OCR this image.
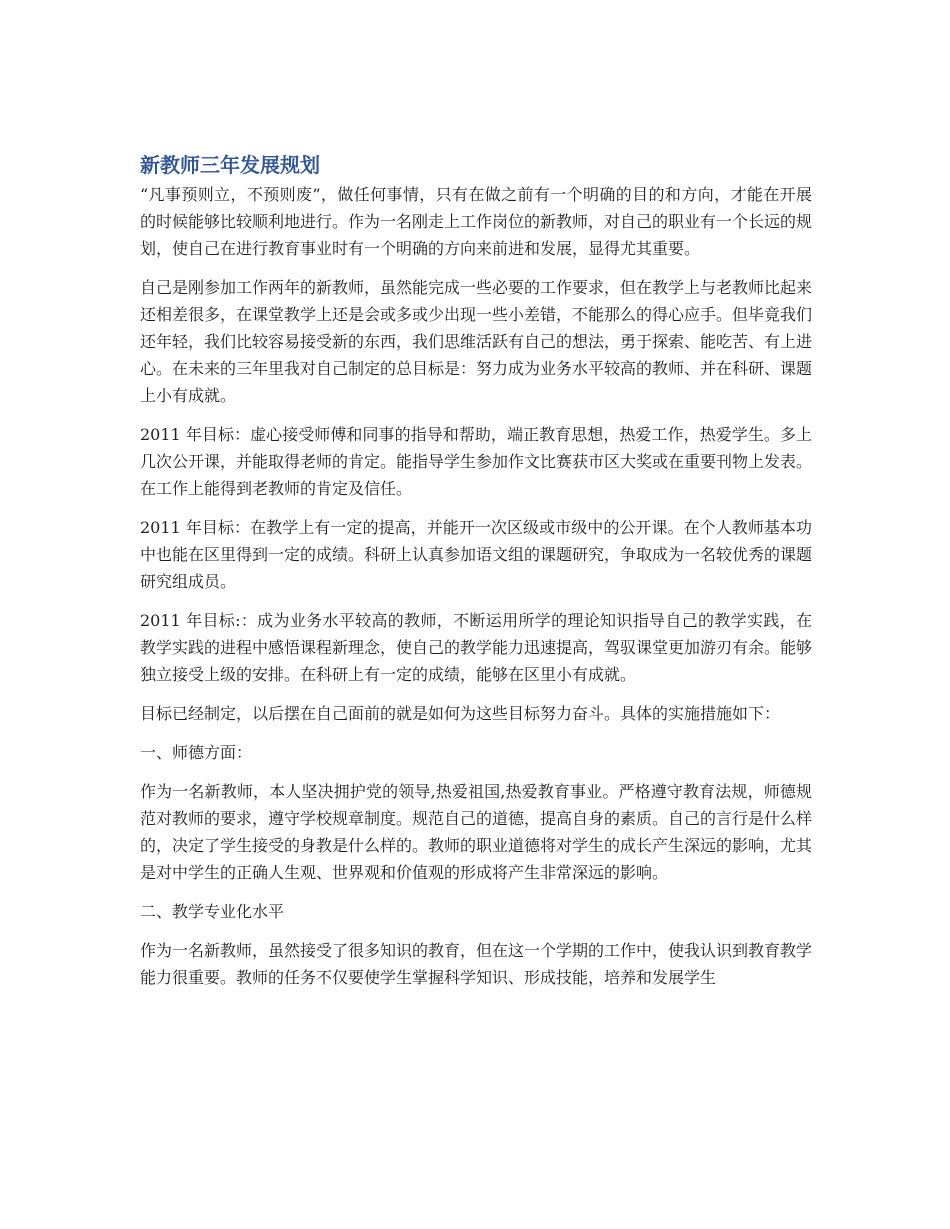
新教师三年发展规划

“凡事预则立，不预则废”，做任何事情，只有在做之前有一个明确的目的和方向，才能在开展的时候能够比较顺利地进行。作为一名刚走上工作岗位的新教师，对自己的职业有一个长远的规划，使自己在进行教育事业时有一个明确的方向来前进和发展，显得尤其重要。

自己是刚参加工作两年的新教师，虽然能完成一些必要的工作要求，但在教学上与老教师比起来还相差很多，在课堂教学上还是会或多或少出现一些小差错，不能那么的得心应手。但毕竟我们还年轻，我们比较容易接受新的东西，我们思维活跃有自己的想法，勇于探索、能吃苦、有上进心。在未来的三年里我对自己制定的总目标是：努力成为业务水平较高的教师、并在科研、课题上小有成就。

2011 年目标：虚心接受师傅和同事的指导和帮助，端正教育思想，热爱工作，热爱学生。多上几次公开课，并能取得老师的肯定。能指导学生参加作文比赛获市区大奖或在重要刊物上发表。在工作上能得到老教师的肯定及信任。

2011 年目标：在教学上有一定的提高，并能开一次区级或市级中的公开课。在个人教师基本功中也能在区里得到一定的成绩。科研上认真参加语文组的课题研究，争取成为一名较优秀的课题研究组成员。

2011 年目标:：成为业务水平较高的教师，不断运用所学的理论知识指导自己的教学实践，在教学实践的进程中感悟课程新理念，使自己的教学能力迅速提高，驾驭课堂更加游刃有余。能够独立接受上级的安排。在科研上有一定的成绩，能够在区里小有成就。

目标已经制定，以后摆在自己面前的就是如何为这些目标努力奋斗。具体的实施措施如下：

一、师德方面：

作为一名新教师，本人坚决拥护党的领导,热爱祖国,热爱教育事业。严格遵守教育法规，师德规范对教师的要求，遵守学校规章制度。规范自己的道德，提高自身的素质。自己的言行是什么样的，决定了学生接受的身教是什么样的。教师的职业道德将对学生的成长产生深远的影响，尤其是对中学生的正确人生观、世界观和价值观的形成将产生非常深远的影响。

二、教学专业化水平

作为一名新教师，虽然接受了很多知识的教育，但在这一个学期的工作中，使我认识到教育教学能力很重要。教师的任务不仅要使学生掌握科学知识、形成技能，培养和发展学生
